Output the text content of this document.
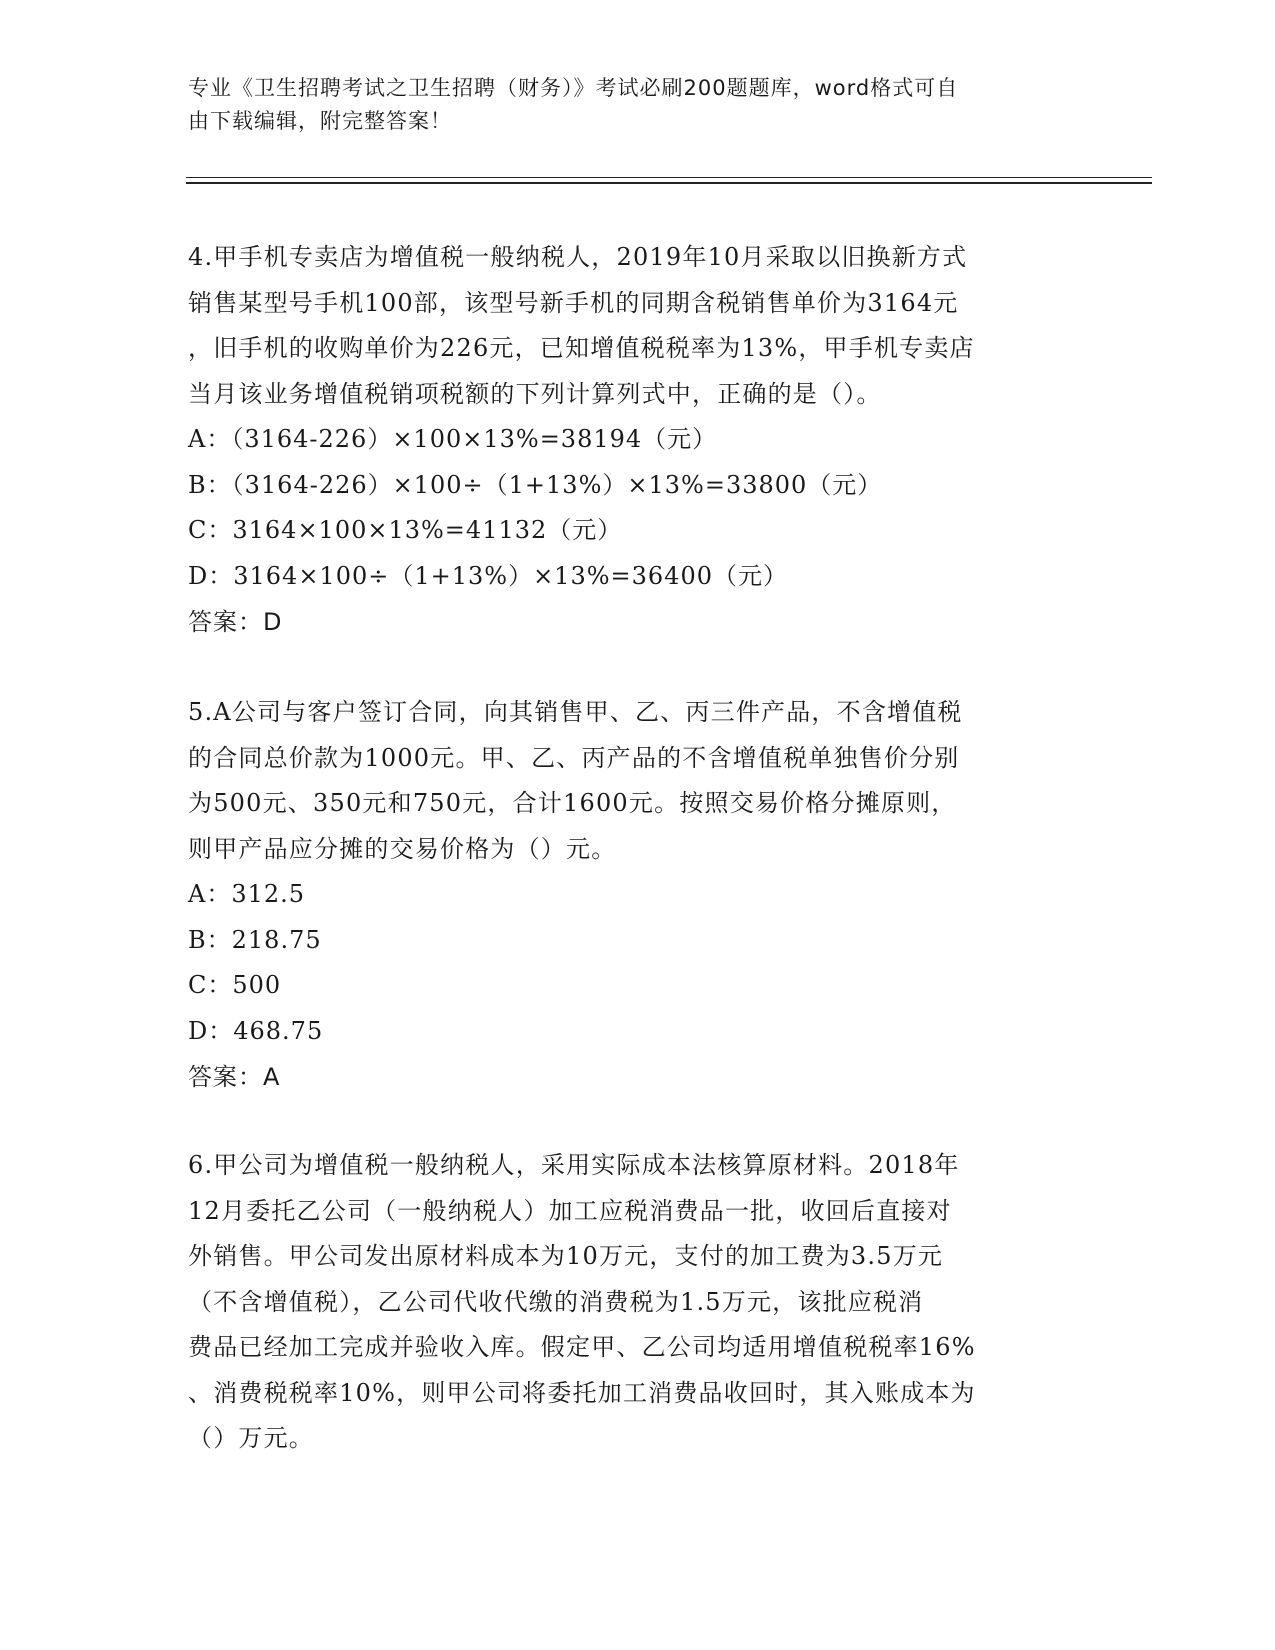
专业《卫生招聘考试之卫生招聘（财务）》考试必刷200题题库，word格式可自
由下载编辑，附完整答案！

4.甲手机专卖店为增值税一般纳税人，2019年10月采取以旧换新方式

销售某型号手机100部，该型号新手机的同期含税销售单价为3164元

，旧手机的收购单价为226元，已知增值税税率为13%，甲手机专卖店

当月该业务增值税销项税额的下列计算列式中，正确的是（）。

A：（3164-226）×100×13%=38194（元）

B：（3164-226）×100÷（1+13%）×13%=33800（元）

C：3164×100×13%=41132（元）

D：3164×100÷（1+13%）×13%=36400（元）

答案：D

5.A公司与客户签订合同，向其销售甲、乙、丙三件产品，不含增值税

的合同总价款为1000元。甲、乙、丙产品的不含增值税单独售价分别

为500元、350元和750元，合计1600元。按照交易价格分摊原则，

则甲产品应分摊的交易价格为（）元。

A：312.5

B：218.75

C：500

D：468.75

答案：A

6.甲公司为增值税一般纳税人，采用实际成本法核算原材料。2018年

12月委托乙公司（一般纳税人）加工应税消费品一批，收回后直接对

外销售。甲公司发出原材料成本为10万元，支付的加工费为3.5万元

（不含增值税），乙公司代收代缴的消费税为1.5万元，该批应税消

费品已经加工完成并验收入库。假定甲、乙公司均适用增值税税率16%

、消费税税率10%，则甲公司将委托加工消费品收回时，其入账成本为

（）万元。
